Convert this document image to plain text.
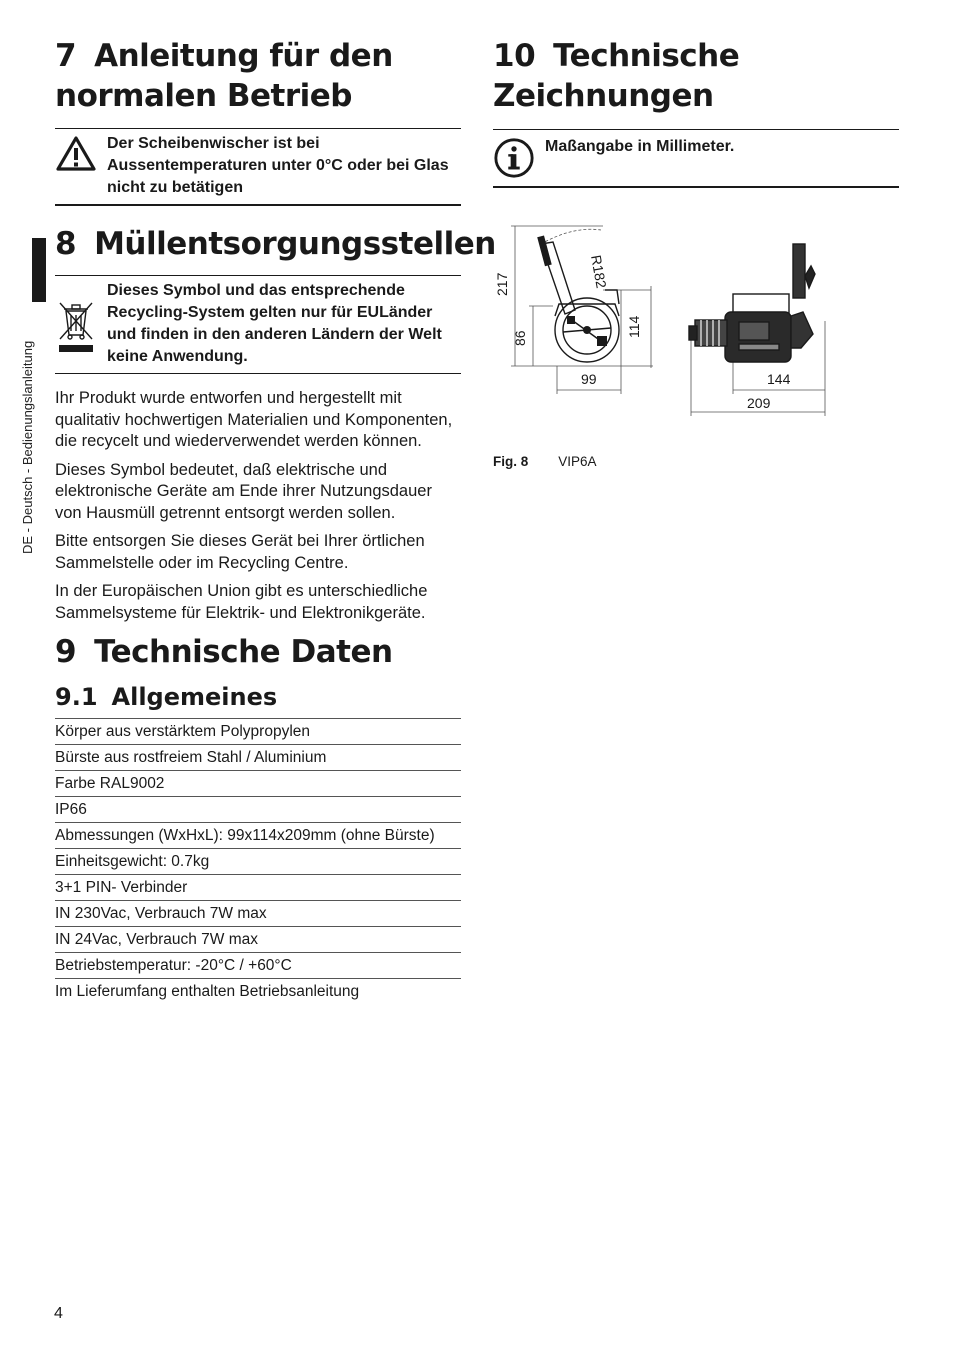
DE - Deutsch - Bedienungslanleitung
7 Anleitung für den
normalen Betrieb
Der Scheibenwischer ist bei Aussentemperaturen unter 0°C oder bei Glas nicht zu betätigen
8 Müllentsorgungsstellen
Dieses Symbol und das entsprechende Recycling-System gelten nur für EULänder und finden in den anderen Ländern der Welt keine Anwendung.

Ihr Produkt wurde entworfen und hergestellt mit qualitativ hochwertigen Materialien und Komponenten, die recycelt und wiederverwendet werden können.

Dieses Symbol bedeutet, daß elektrische und elektronische Geräte am Ende ihrer Nutzungsdauer von Hausmüll getrennt entsorgt werden sollen.

Bitte entsorgen Sie dieses Gerät bei Ihrer örtlichen Sammelstelle oder im Recycling Centre.

In der Europäischen Union gibt es unterschiedliche Sammelsysteme für Elektrik- und Elektronikgeräte.

9 Technische Daten
9.1 Allgemeines
Körper aus verstärktem Polypropylen
Bürste aus rostfreiem Stahl / Aluminium
Farbe RAL9002
IP66
Abmessungen (WxHxL): 99x114x209mm (ohne Bürste)
Einheitsgewicht: 0.7kg
3+1 PIN- Verbinder
IN 230Vac, Verbrauch 7W max
IN 24Vac, Verbrauch 7W max
Betriebstemperatur: -20°C / +60°C
Im Lieferumfang enthalten Betriebsanleitung
10 Technische Zeichnungen
Maßangabe in Millimeter.
217
86
R182
114
99	144
209
Fig. 8 VIP6A
4
